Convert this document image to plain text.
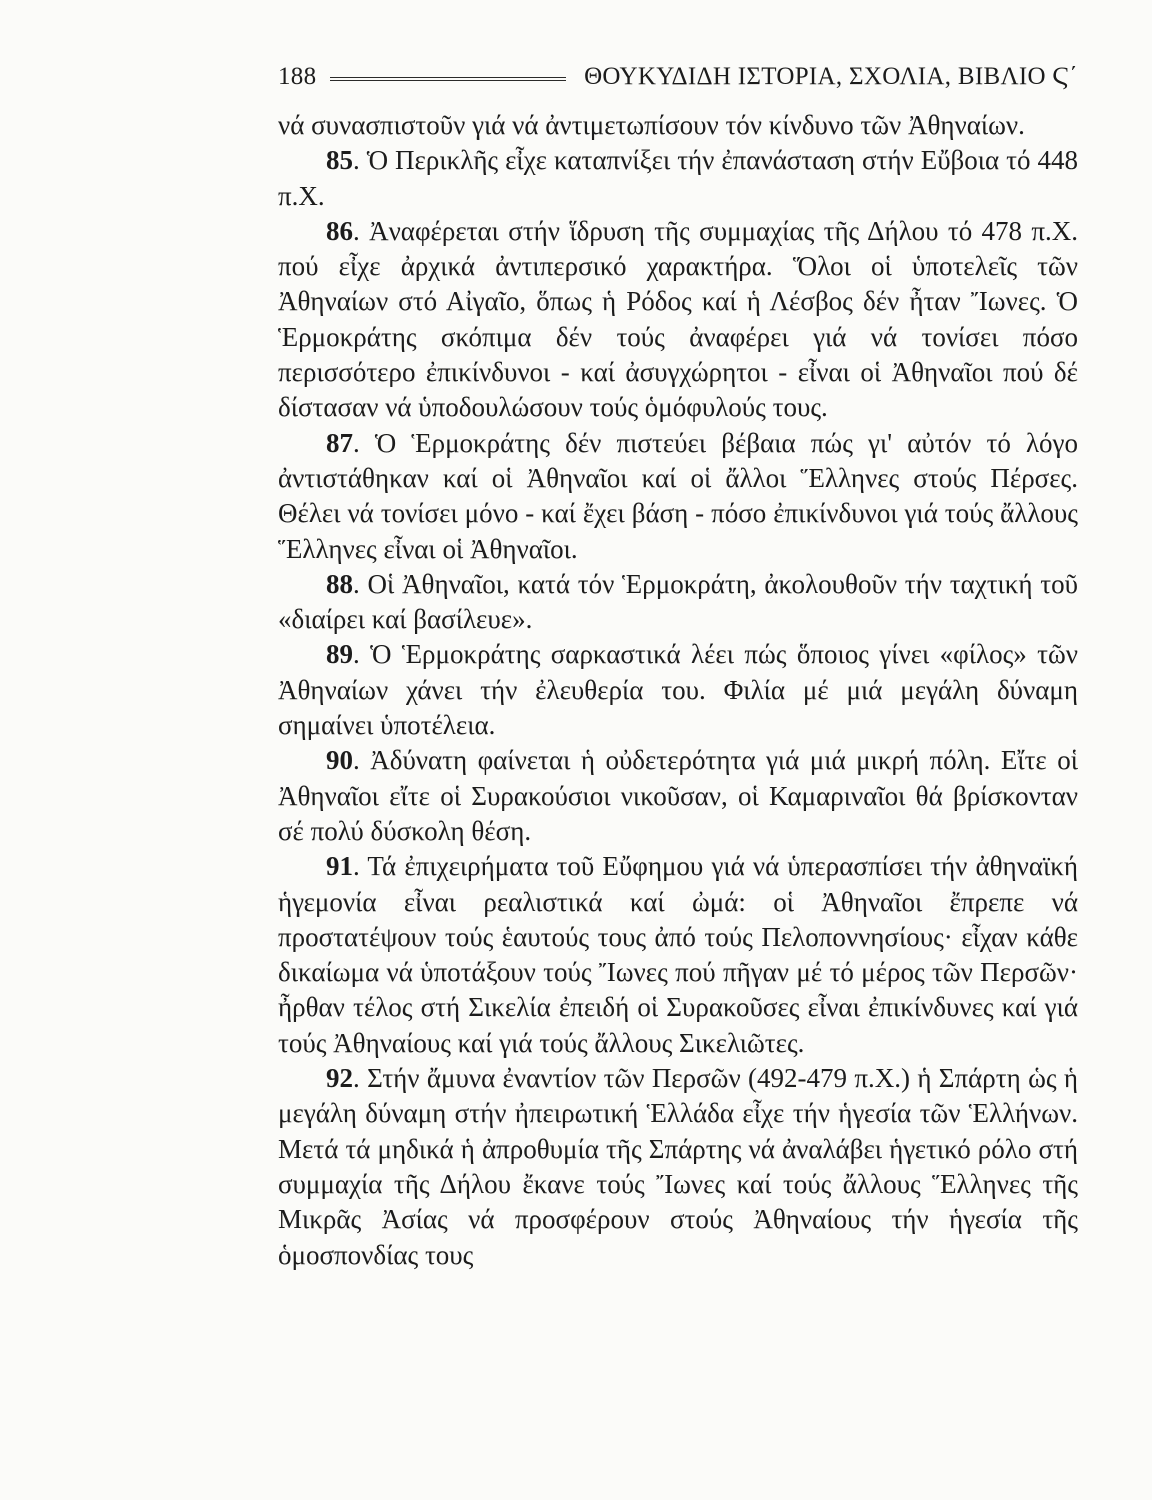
188	ΘΟΥΚΥΔΙΔΗ ΙΣΤΟΡΙΑ, ΣΧΟΛΙΑ, ΒΙΒΛΙΟ Ϛ΄

νά συνασπιστοῦν γιά νά ἀντιμετωπίσουν τόν κίνδυνο τῶν Ἀθηναίων.

85. Ὁ Περικλῆς εἶχε καταπνίξει τήν ἐπανάσταση στήν Εὔβοια τό 448 π.Χ.

86. Ἀναφέρεται στήν ἵδρυση τῆς συμμαχίας τῆς Δήλου τό 478 π.Χ. πού εἶχε ἀρχικά ἀντιπερσικό χαρακτήρα. Ὅλοι οἱ ὑποτελεῖς τῶν Ἀθηναίων στό Αἰγαῖο, ὅπως ἡ Ρόδος καί ἡ Λέσβος δέν ἦταν Ἴωνες. Ὁ Ἑρμοκράτης σκόπιμα δέν τούς ἀναφέρει γιά νά τονίσει πόσο περισσότερο ἐπικίνδυνοι - καί ἀσυγχώρητοι - εἶναι οἱ Ἀθηναῖοι πού δέ δίστασαν νά ὑποδουλώσουν τούς ὁμόφυλούς τους.

87. Ὁ Ἑρμοκράτης δέν πιστεύει βέβαια πώς γι' αὐτόν τό λόγο ἀντιστάθηκαν καί οἱ Ἀθηναῖοι καί οἱ ἄλλοι Ἕλληνες στούς Πέρσες. Θέλει νά τονίσει μόνο - καί ἔχει βάση - πόσο ἐπικίνδυνοι γιά τούς ἄλλους Ἕλληνες εἶναι οἱ Ἀθηναῖοι.

88. Οἱ Ἀθηναῖοι, κατά τόν Ἑρμοκράτη, ἀκολουθοῦν τήν ταχτική τοῦ «διαίρει καί βασίλευε».

89. Ὁ Ἑρμοκράτης σαρκαστικά λέει πώς ὅποιος γίνει «φίλος» τῶν Ἀθηναίων χάνει τήν ἐλευθερία του. Φιλία μέ μιά μεγάλη δύναμη σημαίνει ὑποτέλεια.

90. Ἀδύνατη φαίνεται ἡ οὐδετερότητα γιά μιά μικρή πόλη. Εἴτε οἱ Ἀθηναῖοι εἴτε οἱ Συρακούσιοι νικοῦσαν, οἱ Καμαριναῖοι θά βρίσκονταν σέ πολύ δύσκολη θέση.

91. Τά ἐπιχειρήματα τοῦ Εὔφημου γιά νά ὑπερασπίσει τήν ἀθηναϊκή ἡγεμονία εἶναι ρεαλιστικά καί ὠμά: οἱ Ἀθηναῖοι ἔπρεπε νά προστατέψουν τούς ἑαυτούς τους ἀπό τούς Πελοποννησίους· εἶχαν κάθε δικαίωμα νά ὑποτάξουν τούς Ἴωνες πού πῆγαν μέ τό μέρος τῶν Περσῶν· ἦρθαν τέλος στή Σικελία ἐπειδή οἱ Συρακοῦσες εἶναι ἐπικίνδυνες καί γιά τούς Ἀθηναίους καί γιά τούς ἄλλους Σικελιῶτες.

92. Στήν ἄμυνα ἐναντίον τῶν Περσῶν (492-479 π.Χ.) ἡ Σπάρτη ὡς ἡ μεγάλη δύναμη στήν ἠπειρωτική Ἑλλάδα εἶχε τήν ἡγεσία τῶν Ἑλλήνων. Μετά τά μηδικά ἡ ἀπροθυμία τῆς Σπάρτης νά ἀναλάβει ἡγετικό ρόλο στή συμμαχία τῆς Δήλου ἔκανε τούς Ἴωνες καί τούς ἄλλους Ἕλληνες τῆς Μικρᾶς Ἀσίας νά προσφέρουν στούς Ἀθηναίους τήν ἡγεσία τῆς ὁμοσπονδίας τους
